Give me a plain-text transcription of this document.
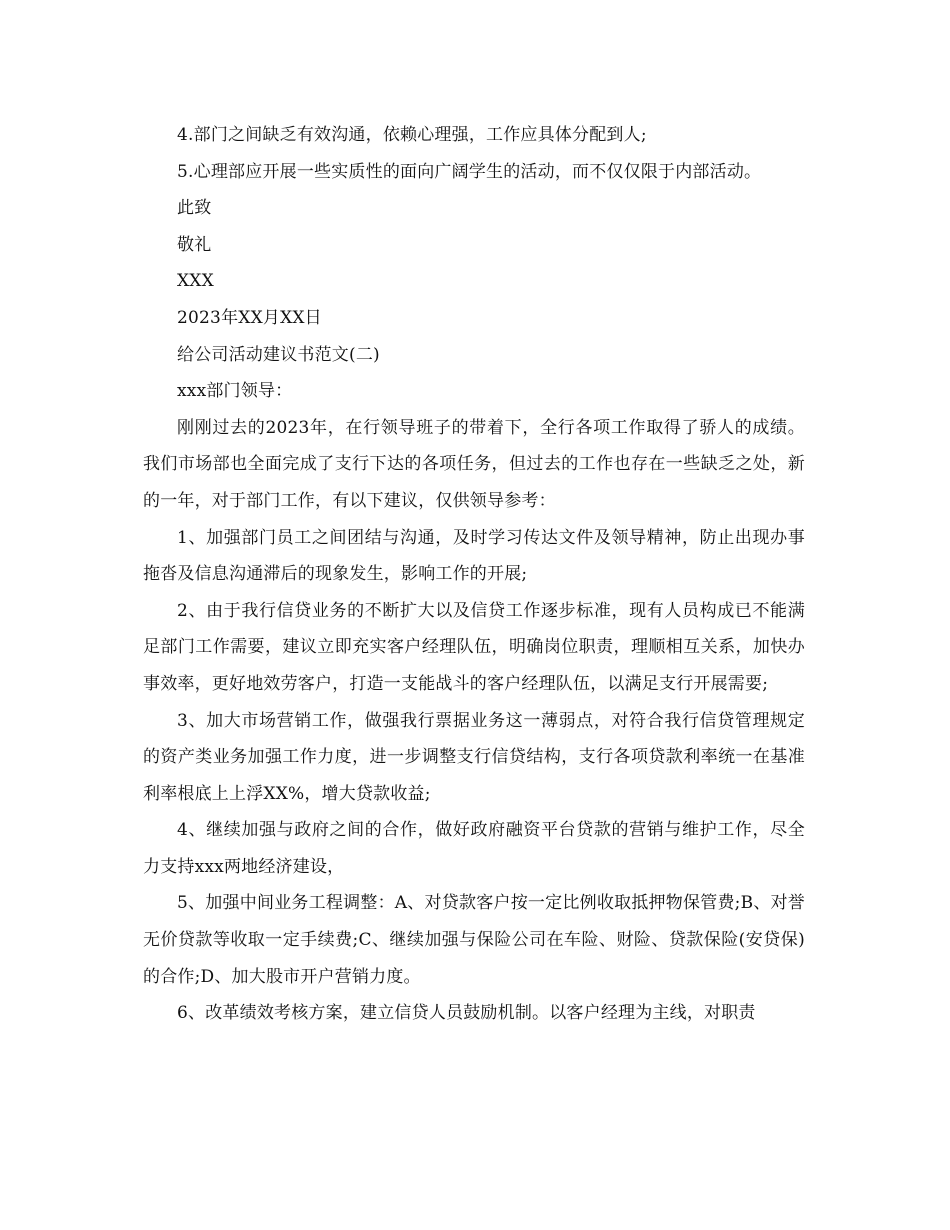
4.部门之间缺乏有效沟通，依赖心理强，工作应具体分配到人;

5.心理部应开展一些实质性的面向广阔学生的活动，而不仅仅限于内部活动。

此致

敬礼

XXX

2023年XX月XX日

给公司活动建议书范文(二)

xxx部门领导：

刚刚过去的2023年，在行领导班子的带着下，全行各项工作取得了骄人的成绩。我们市场部也全面完成了支行下达的各项任务，但过去的工作也存在一些缺乏之处，新的一年，对于部门工作，有以下建议，仅供领导参考：

1、加强部门员工之间团结与沟通，及时学习传达文件及领导精神，防止出现办事拖沓及信息沟通滞后的现象发生，影响工作的开展;

2、由于我行信贷业务的不断扩大以及信贷工作逐步标准，现有人员构成已不能满足部门工作需要，建议立即充实客户经理队伍，明确岗位职责，理顺相互关系，加快办事效率，更好地效劳客户，打造一支能战斗的客户经理队伍，以满足支行开展需要;

3、加大市场营销工作，做强我行票据业务这一薄弱点，对符合我行信贷管理规定的资产类业务加强工作力度，进一步调整支行信贷结构，支行各项贷款利率统一在基准利率根底上上浮XX%，增大贷款收益;

4、继续加强与政府之间的合作，做好政府融资平台贷款的营销与维护工作，尽全力支持xxx两地经济建设，

5、加强中间业务工程调整：A、对贷款客户按一定比例收取抵押物保管费;B、对誉无价贷款等收取一定手续费;C、继续加强与保险公司在车险、财险、贷款保险(安贷保)的合作;D、加大股市开户营销力度。

6、改革绩效考核方案，建立信贷人员鼓励机制。以客户经理为主线，对职责
